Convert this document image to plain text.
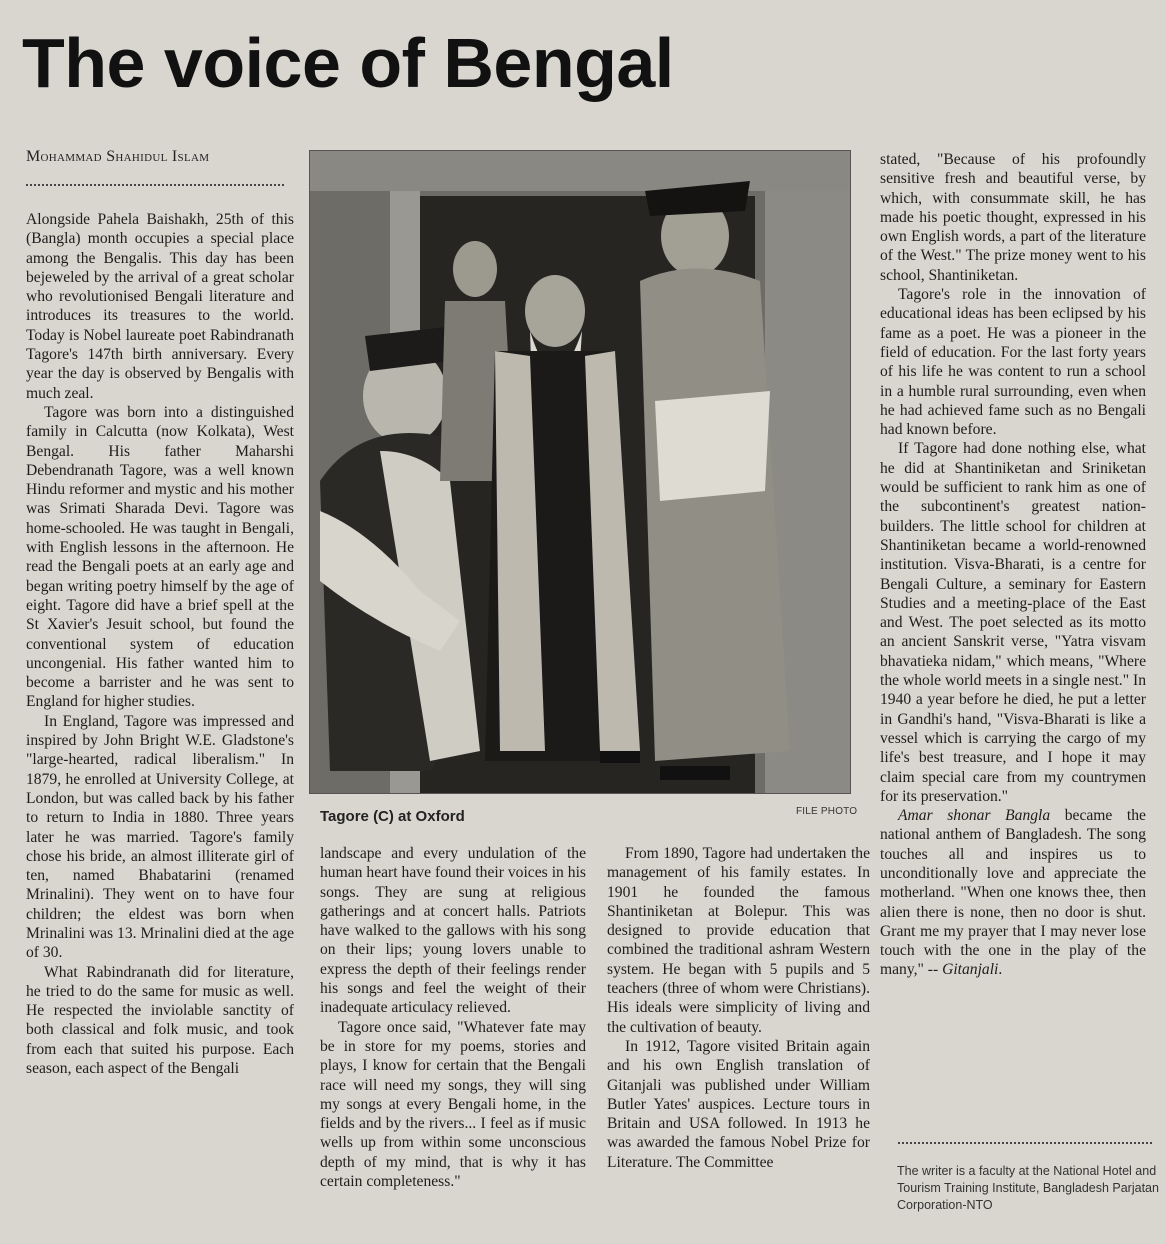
The voice of Bengal
Mohammad Shahidul Islam

Alongside Pahela Baishakh, 25th of this (Bangla) month occupies a special place among the Bengalis. This day has been bejeweled by the arrival of a great scholar who revolutionised Bengali literature and introduces its treasures to the world. Today is Nobel laureate poet Rabindranath Tagore's 147th birth anniversary. Every year the day is observed by Bengalis with much zeal.

Tagore was born into a distinguished family in Calcutta (now Kolkata), West Bengal. His father Maharshi Debendranath Tagore, was a well known Hindu reformer and mystic and his mother was Srimati Sharada Devi. Tagore was home-schooled. He was taught in Bengali, with English lessons in the afternoon. He read the Bengali poets at an early age and began writing poetry himself by the age of eight. Tagore did have a brief spell at the St Xavier's Jesuit school, but found the conventional system of education uncongenial. His father wanted him to become a barrister and he was sent to England for higher studies.

In England, Tagore was impressed and inspired by John Bright W.E. Gladstone's "large-hearted, radical liberalism." In 1879, he enrolled at University College, at London, but was called back by his father to return to India in 1880. Three years later he was married. Tagore's family chose his bride, an almost illiterate girl of ten, named Bhabatarini (renamed Mrinalini). They went on to have four children; the eldest was born when Mrinalini was 13. Mrinalini died at the age of 30.

What Rabindranath did for literature, he tried to do the same for music as well. He respected the inviolable sanctity of both classical and folk music, and took from each that suited his purpose. Each season, each aspect of the Bengali

Tagore (C) at Oxford	FILE PHOTO

landscape and every undulation of the human heart have found their voices in his songs. They are sung at religious gatherings and at concert halls. Patriots have walked to the gallows with his song on their lips; young lovers unable to express the depth of their feelings render his songs and feel the weight of their inadequate articulacy relieved.

Tagore once said, "Whatever fate may be in store for my poems, stories and plays, I know for certain that the Bengali race will need my songs, they will sing my songs at every Bengali home, in the fields and by the rivers... I feel as if music wells up from within some unconscious depth of my mind, that is why it has certain completeness."

From 1890, Tagore had undertaken the management of his family estates. In 1901 he founded the famous Shantiniketan at Bolepur. This was designed to provide education that combined the traditional ashram Western system. He began with 5 pupils and 5 teachers (three of whom were Christians). His ideals were simplicity of living and the cultivation of beauty.

In 1912, Tagore visited Britain again and his own English translation of Gitanjali was published under William Butler Yates' auspices. Lecture tours in Britain and USA followed. In 1913 he was awarded the famous Nobel Prize for Literature. The Committee

stated, "Because of his profoundly sensitive fresh and beautiful verse, by which, with consummate skill, he has made his poetic thought, expressed in his own English words, a part of the literature of the West." The prize money went to his school, Shantiniketan.

Tagore's role in the innovation of educational ideas has been eclipsed by his fame as a poet. He was a pioneer in the field of education. For the last forty years of his life he was content to run a school in a humble rural surrounding, even when he had achieved fame such as no Bengali had known before.

If Tagore had done nothing else, what he did at Shantiniketan and Sriniketan would be sufficient to rank him as one of the subcontinent's greatest nation-builders. The little school for children at Shantiniketan became a world-renowned institution. Visva-Bharati, is a centre for Bengali Culture, a seminary for Eastern Studies and a meeting-place of the East and West. The poet selected as its motto an ancient Sanskrit verse, "Yatra visvam bhavatieka nidam," which means, "Where the whole world meets in a single nest." In 1940 a year before he died, he put a letter in Gandhi's hand, "Visva-Bharati is like a vessel which is carrying the cargo of my life's best treasure, and I hope it may claim special care from my countrymen for its preservation."

Amar shonar Bangla became the national anthem of Bangladesh. The song touches all and inspires us to unconditionally love and appreciate the motherland. "When one knows thee, then alien there is none, then no door is shut. Grant me my prayer that I may never lose touch with the one in the play of the many," -- Gitanjali.

The writer is a faculty at the National Hotel and Tourism Training Institute, Bangladesh Parjatan Corporation-NTO
